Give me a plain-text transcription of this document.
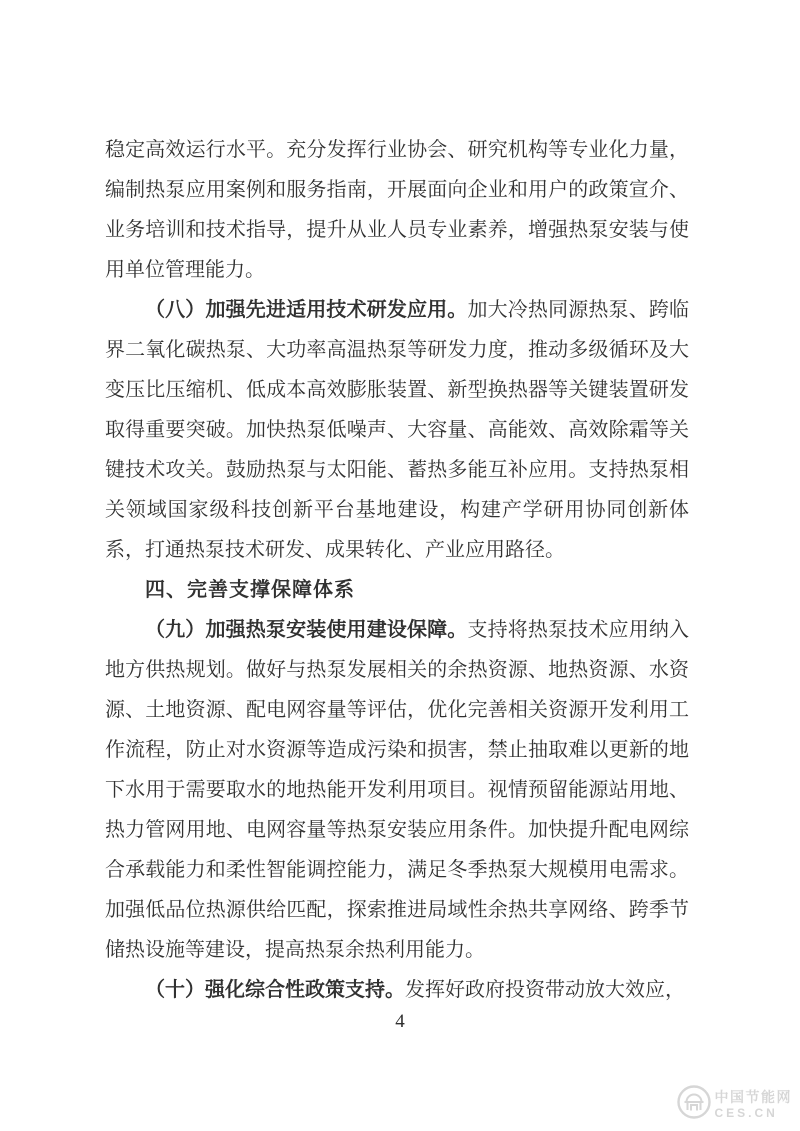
稳定高效运行水平。充分发挥行业协会、研究机构等专业化力量，编制热泵应用案例和服务指南，开展面向企业和用户的政策宣介、业务培训和技术指导，提升从业人员专业素养，增强热泵安装与使用单位管理能力。

（八）加强先进适用技术研发应用。加大冷热同源热泵、跨临界二氧化碳热泵、大功率高温热泵等研发力度，推动多级循环及大变压比压缩机、低成本高效膨胀装置、新型换热器等关键装置研发取得重要突破。加快热泵低噪声、大容量、高能效、高效除霜等关键技术攻关。鼓励热泵与太阳能、蓄热多能互补应用。支持热泵相关领域国家级科技创新平台基地建设，构建产学研用协同创新体系，打通热泵技术研发、成果转化、产业应用路径。

四、完善支撑保障体系

（九）加强热泵安装使用建设保障。支持将热泵技术应用纳入地方供热规划。做好与热泵发展相关的余热资源、地热资源、水资源、土地资源、配电网容量等评估，优化完善相关资源开发利用工作流程，防止对水资源等造成污染和损害，禁止抽取难以更新的地下水用于需要取水的地热能开发利用项目。视情预留能源站用地、热力管网用地、电网容量等热泵安装应用条件。加快提升配电网综合承载能力和柔性智能调控能力，满足冬季热泵大规模用电需求。加强低品位热源供给匹配，探索推进局域性余热共享网络、跨季节储热设施等建设，提高热泵余热利用能力。

（十）强化综合性政策支持。发挥好政府投资带动放大效应，

4
中国节能网
CES.CN
